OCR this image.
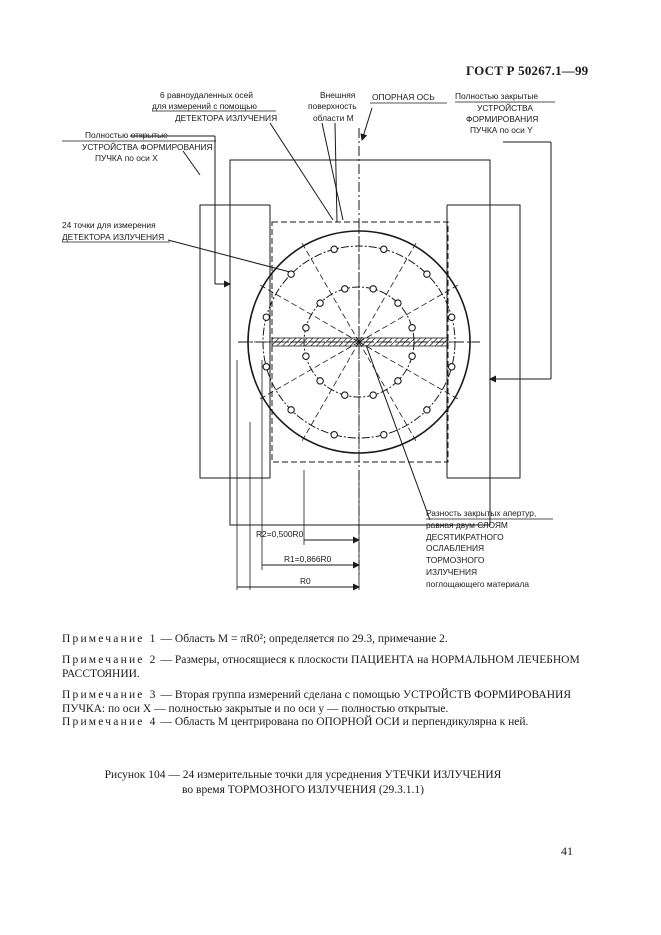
ГОСТ Р 50267.1—99
6 равноудаленных осей
для измерений с помощью
ДЕТЕКТОРА ИЗЛУЧЕНИЯ
Внешняя
поверхность
области M
ОПОРНАЯ ОСЬ Полностью закрытые
УСТРОЙСТВА
ФОРМИРОВАНИЯ
ПУЧКА по оси Y
Полностью открытые
УСТРОЙСТВА ФОРМИРОВАНИЯ
ПУЧКА по оси X
24 точки для измерения
ДЕТЕКТОРА ИЗЛУЧЕНИЯ
Разность закрытых апертур,
равная двум СЛОЯМ
ДЕСЯТИКРАТНОГО
ОСЛАБЛЕНИЯ
ТОРМОЗНОГО
ИЗЛУЧЕНИЯ
поглощающего материала
R2=0,500R0
R1=0,866R0
R0
Примечание 1 — Область M = πR0²; определяется по 29.3, примечание 2.
Примечание 2 — Размеры, относящиеся к плоскости ПАЦИЕНТА на НОРМАЛЬНОМ ЛЕЧЕБНОМ РАССТОЯНИИ.
Примечание 3 — Вторая группа измерений сделана с помощью УСТРОЙСТВ ФОРМИРОВАНИЯ ПУЧКА: по оси X — полностью закрытые и по оси y — полностью открытые.
Примечание 4 — Область M центрирована по ОПОРНОЙ ОСИ и перпендикулярна к ней.
Рисунок 104 — 24 измерительные точки для усреднения УТЕЧКИ ИЗЛУЧЕНИЯ
во время ТОРМОЗНОГО ИЗЛУЧЕНИЯ (29.3.1.1)
41
